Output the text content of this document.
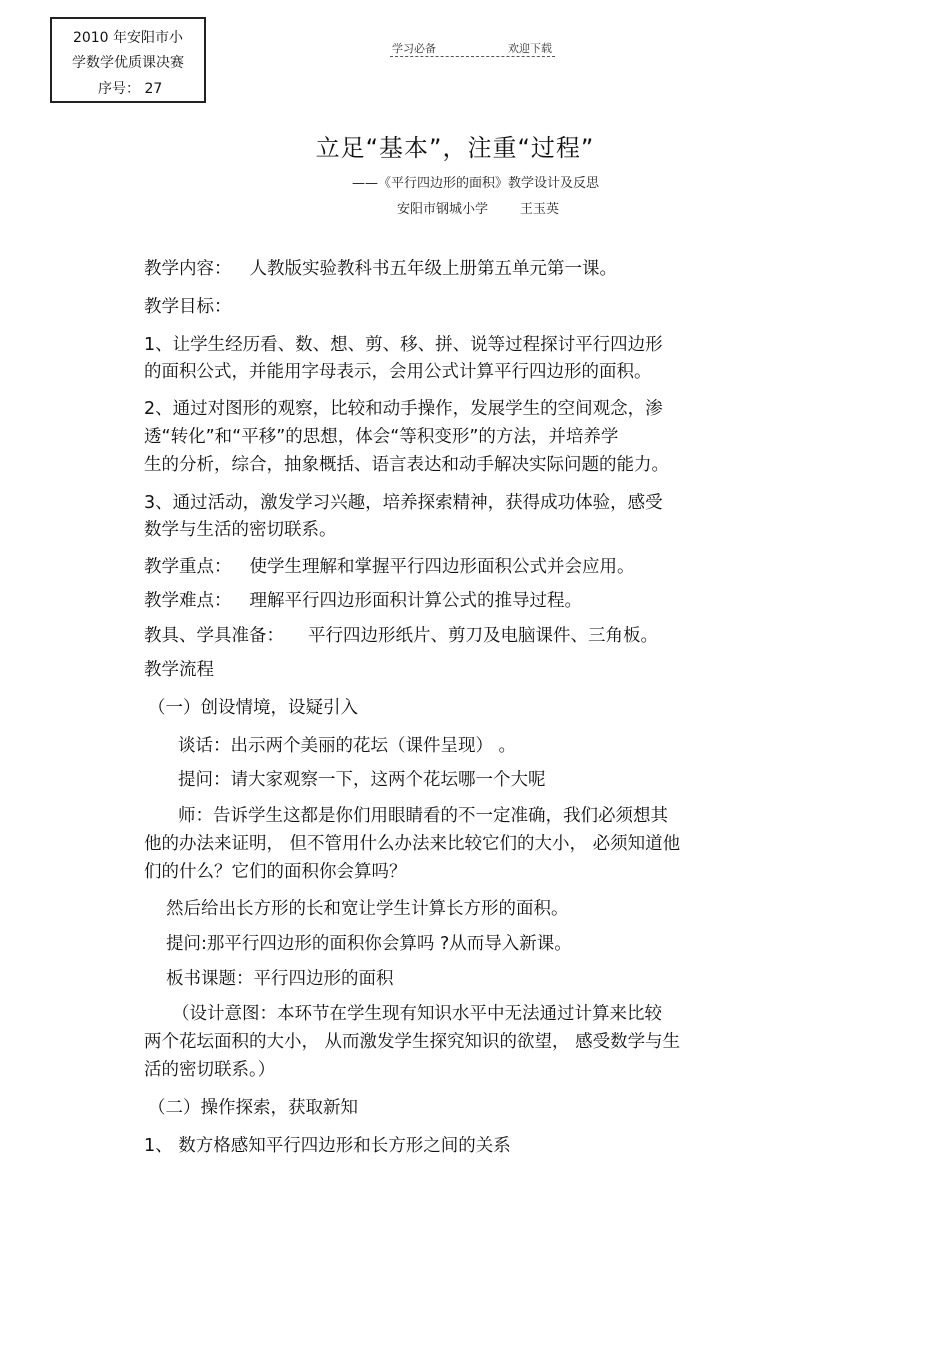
2010 年安阳市小
学数学优质课决赛
序号： 27
学习必备	欢迎下载
立足“基本”，注重“过程”
——《平行四边形的面积》教学设计及反思
安阳市钢城小学 王玉英
教学内容： 人教版实验教科书五年级上册第五单元第一课。
教学目标：
1、让学生经历看、数、想、剪、移、拼、说等过程探讨平行四边形
的面积公式，并能用字母表示，会用公式计算平行四边形的面积。
2、通过对图形的观察，比较和动手操作，发展学生的空间观念，渗
透“转化”和“平移”的思想，体会“等积变形”的方法，并培养学
生的分析，综合，抽象概括、语言表达和动手解决实际问题的能力。
3、通过活动，激发学习兴趣，培养探索精神，获得成功体验，感受
数学与生活的密切联系。
教学重点： 使学生理解和掌握平行四边形面积公式并会应用。
教学难点： 理解平行四边形面积计算公式的推导过程。
教具、学具准备： 平行四边形纸片、剪刀及电脑课件、三角板。
教学流程
（一）创设情境，设疑引入
谈话：出示两个美丽的花坛（课件呈现） 。
提问：请大家观察一下，这两个花坛哪一个大呢
师：告诉学生这都是你们用眼睛看的不一定准确，我们必须想其
他的办法来证明， 但不管用什么办法来比较它们的大小， 必须知道他
们的什么？它们的面积你会算吗？
然后给出长方形的长和宽让学生计算长方形的面积。
提问:那平行四边形的面积你会算吗 ?从而导入新课。
板书课题：平行四边形的面积
（设计意图：本环节在学生现有知识水平中无法通过计算来比较
两个花坛面积的大小， 从而激发学生探究知识的欲望， 感受数学与生
活的密切联系。）
（二）操作探索，获取新知
1、 数方格感知平行四边形和长方形之间的关系
